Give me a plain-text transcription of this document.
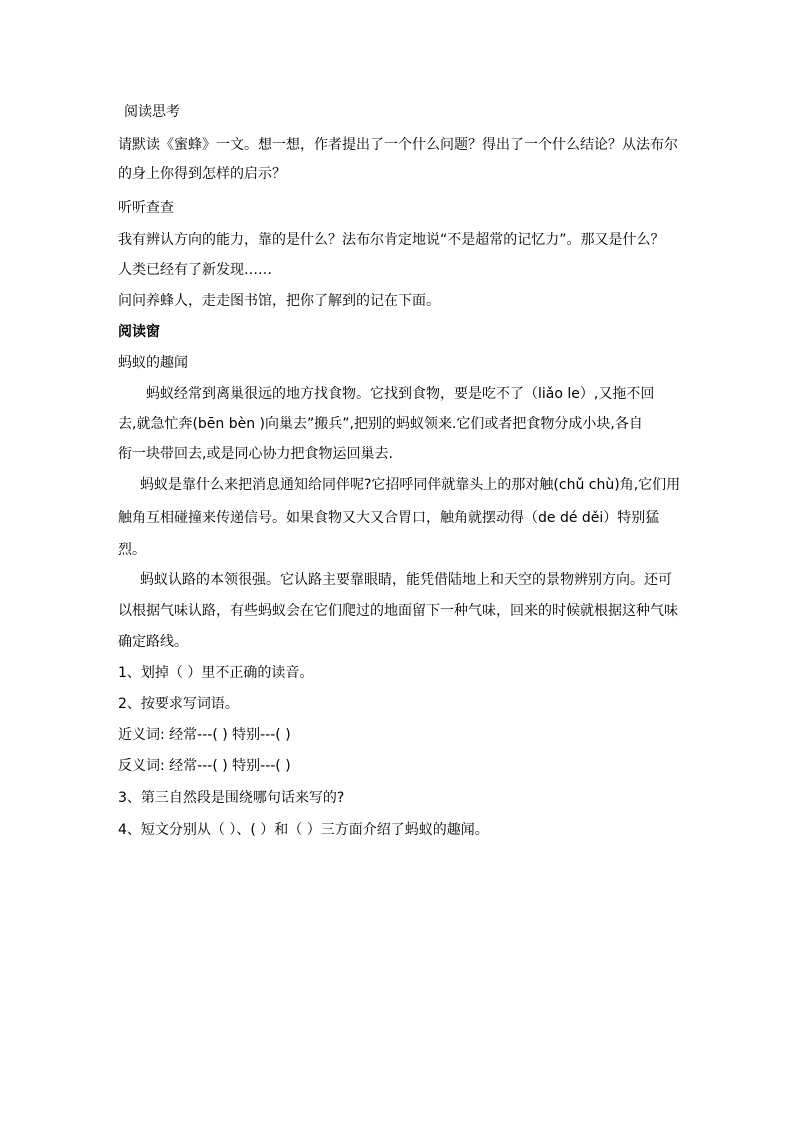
阅读思考
请默读《蜜蜂》一文。想一想，作者提出了一个什么问题？得出了一个什么结论？从法布尔
的身上你得到怎样的启示？
听听查查
我有辨认方向的能力，靠的是什么？法布尔肯定地说“不是超常的记忆力”。那又是什么？
人类已经有了新发现……
问问养蜂人，走走图书馆，把你了解到的记在下面。
阅读窗
蚂蚁的趣闻
蚂蚁经常到离巢很远的地方找食物。它找到食物，要是吃不了（liǎo le）,又拖不回
去,就急忙奔(bēn bèn )向巢去”搬兵”,把别的蚂蚁领来.它们或者把食物分成小块,各自
衔一块带回去,或是同心协力把食物运回巢去.
蚂蚁是靠什么来把消息通知给同伴呢?它招呼同伴就靠头上的那对触(chǔ chù)角,它们用
触角互相碰撞来传递信号。如果食物又大又合胃口，触角就摆动得（de dé děi）特别猛
烈。
蚂蚁认路的本领很强。它认路主要靠眼睛，能凭借陆地上和天空的景物辨别方向。还可
以根据气味认路，有些蚂蚁会在它们爬过的地面留下一种气味，回来的时候就根据这种气味
确定路线。
1、划掉（ ）里不正确的读音。
2、按要求写词语。
近义词: 经常---( ) 特别---( )
反义词: 经常---( ) 特别---( )
3、第三自然段是围绕哪句话来写的?
4、短文分别从（ ）、( ）和（ ）三方面介绍了蚂蚁的趣闻。
